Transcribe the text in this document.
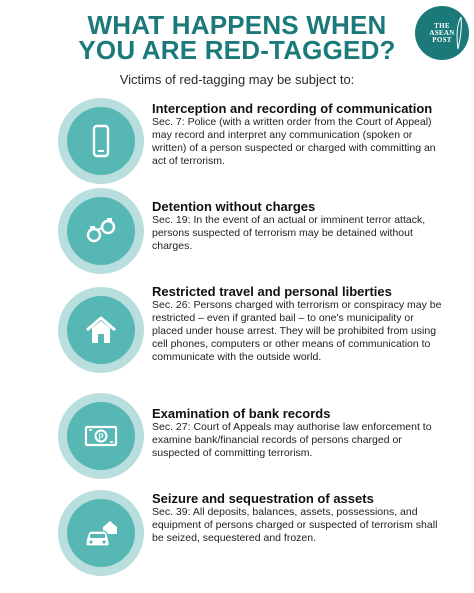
WHAT HAPPENS WHEN
YOU ARE RED-TAGGED?
THE
ASEAN
POST
Victims of red-tagging may be subject to:
Interception and recording of communication
Sec. 7: Police (with a written order from the Court of Appeal) may record and interpret any communication (spoken or written) of a person suspected or charged with committing an act of terrorism.
Detention without charges
Sec. 19: In the event of an actual or imminent terror attack, persons suspected of terrorism may be detained without charges.
Restricted travel and personal liberties
Sec. 26: Persons charged with terrorism or conspiracy may be restricted – even if granted bail – to one's municipality or placed under house arrest. They will be prohibited from using cell phones, computers or other means of communication to communicate with the outside world.
P
Examination of bank records
Sec. 27: Court of Appeals may authorise law enforcement to examine bank/financial records of persons charged or suspected of committing terrorism.
Seizure and sequestration of assets
Sec. 39: All deposits, balances, assets, possessions, and equipment of persons charged or suspected of terrorism shall be seized, sequestered and frozen.
